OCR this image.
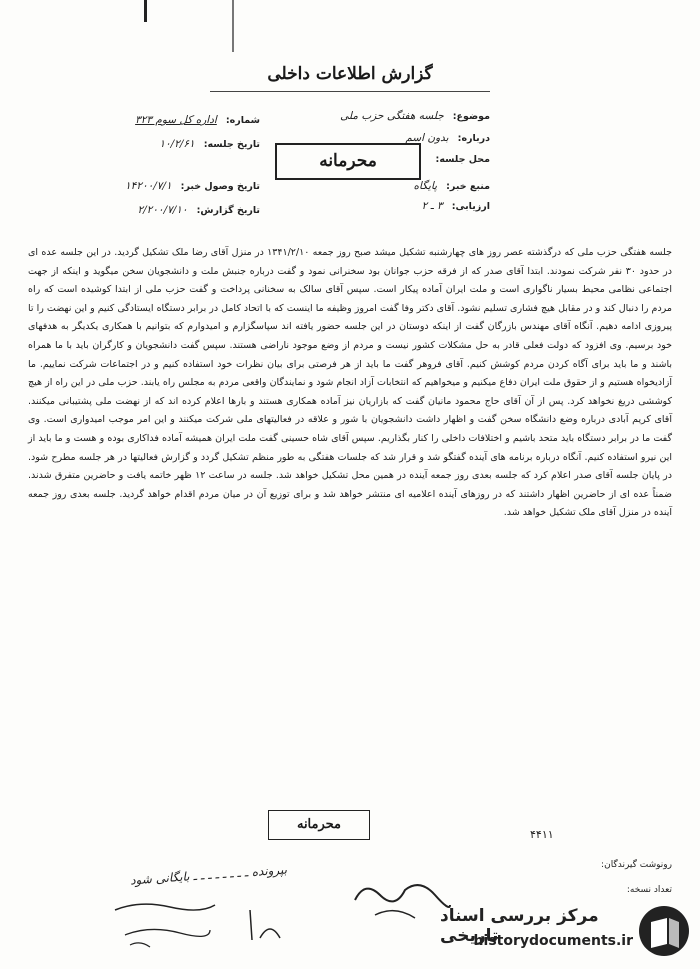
گزارش اطلاعات داخلی
موضوع: جلسه هفتگی حزب ملی
درباره: بدون اسم
محل جلسه:
منبع خبر: پایگاه
ارزیابی: ۳ ـ ۲
شماره: اداره کل سوم ۳۲۳
تاریخ جلسه: ۱۰/۲/۶۱
تاریخ وصول خبر: ۱۴۲۰۰/۷/۱
تاریخ گزارش: ۲/۲۰۰/۷/۱۰
محرمانه
جلسه هفتگی حزب ملی که درگذشته عصر روز های چهارشنبه تشکیل میشد صبح روز جمعه ۱۳۴۱/۲/۱۰ در منزل آقای رضا ملک تشکیل گردید. در این جلسه عده ای در حدود ۳۰ نفر شرکت نمودند. ابتدا آقای صدر که از فرقه حزب جوانان بود سخنرانی نمود و گفت درباره جنبش ملت و دانشجویان سخن میگوید و اینکه از جهت اجتماعی نظامی محیط بسیار ناگواری است و ملت ایران آماده پیکار است. سپس آقای سالک به سخنانی پرداخت و گفت حزب ملی از ابتدا کوشیده است که راه مردم را دنبال کند و در مقابل هیچ فشاری تسلیم نشود. آقای دکتر وفا گفت امروز وظیفه ما اینست که با اتحاد کامل در برابر دستگاه ایستادگی کنیم و این نهضت را تا پیروزی ادامه دهیم. آنگاه آقای مهندس بازرگان گفت از اینکه دوستان در این جلسه حضور یافته اند سپاسگزارم و امیدوارم که بتوانیم با همکاری یکدیگر به هدفهای خود برسیم. وی افزود که دولت فعلی قادر به حل مشکلات کشور نیست و مردم از وضع موجود ناراضی هستند. سپس گفت دانشجویان و کارگران باید با ما همراه باشند و ما باید برای آگاه کردن مردم کوشش کنیم. آقای فروهر گفت ما باید از هر فرصتی برای بیان نظرات خود استفاده کنیم و در اجتماعات شرکت نماییم. ما آزادیخواه هستیم و از حقوق ملت ایران دفاع میکنیم و میخواهیم که انتخابات آزاد انجام شود و نمایندگان واقعی مردم به مجلس راه یابند. حزب ملی در این راه از هیچ کوششی دریغ نخواهد کرد. پس از آن آقای حاج محمود مانیان گفت که بازاریان نیز آماده همکاری هستند و بارها اعلام کرده اند که از نهضت ملی پشتیبانی میکنند. آقای کریم آبادی درباره وضع دانشگاه سخن گفت و اظهار داشت دانشجویان با شور و علاقه در فعالیتهای ملی شرکت میکنند و این امر موجب امیدواری است. وی گفت ما در برابر دستگاه باید متحد باشیم و اختلافات داخلی را کنار بگذاریم. سپس آقای شاه حسینی گفت ملت ایران همیشه آماده فداکاری بوده و هست و ما باید از این نیرو استفاده کنیم. آنگاه درباره برنامه های آینده گفتگو شد و قرار شد که جلسات هفتگی به طور منظم تشکیل گردد و گزارش فعالیتها در هر جلسه مطرح شود. در پایان جلسه آقای صدر اعلام کرد که جلسه بعدی روز جمعه آینده در همین محل تشکیل خواهد شد. جلسه در ساعت ۱۲ ظهر خاتمه یافت و حاضرین متفرق شدند. ضمناً عده ای از حاضرین اظهار داشتند که در روزهای آینده اعلامیه ای منتشر خواهد شد و برای توزیع آن در میان مردم اقدام خواهد گردید. جلسه بعدی روز جمعه آینده در منزل آقای ملک تشکیل خواهد شد.
محرمانه
۴۴۱۱
رونوشت گیرندگان:
تعداد نسخه:
بپرونده ـ ـ ـ ـ ـ ـ ـ ـ بایگانی شود
مرکز بررسی اسناد تاریخی
historydocuments.ir
